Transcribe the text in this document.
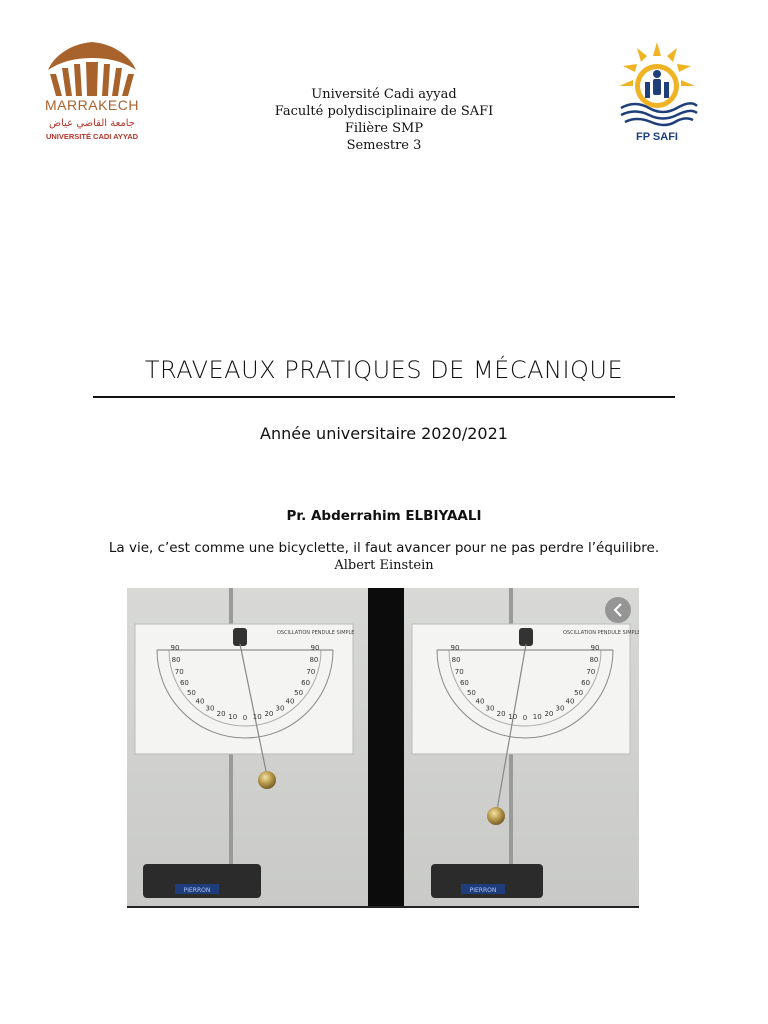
MARRAKECH
جامعة القاضي عياض
UNIVERSITÉ CADI AYYAD	FP SAFI
Université Cadi ayyad
Faculté polydisciplinaire de SAFI
Filière SMP
Semestre 3
TRAVEAUX PRATIQUES DE MÉCANIQUE
Année universitaire 2020/2021
Pr. Abderrahim ELBIYAALI
La vie, c’est comme une bicyclette, il faut avancer pour ne pas perdre l’équilibre.
Albert Einstein
OSCILLATION PENDULE SIMPLE
PIERRON
OSCILLATION PENDULE SIMPLE
PIERRON
90
80
70
60
50
40
30
20 10 0 10 20
30
40
50
60
70
80
90	90
80
70
60
50
40
30
20 10 0 10 20
30
40
50
60
70
80
90
